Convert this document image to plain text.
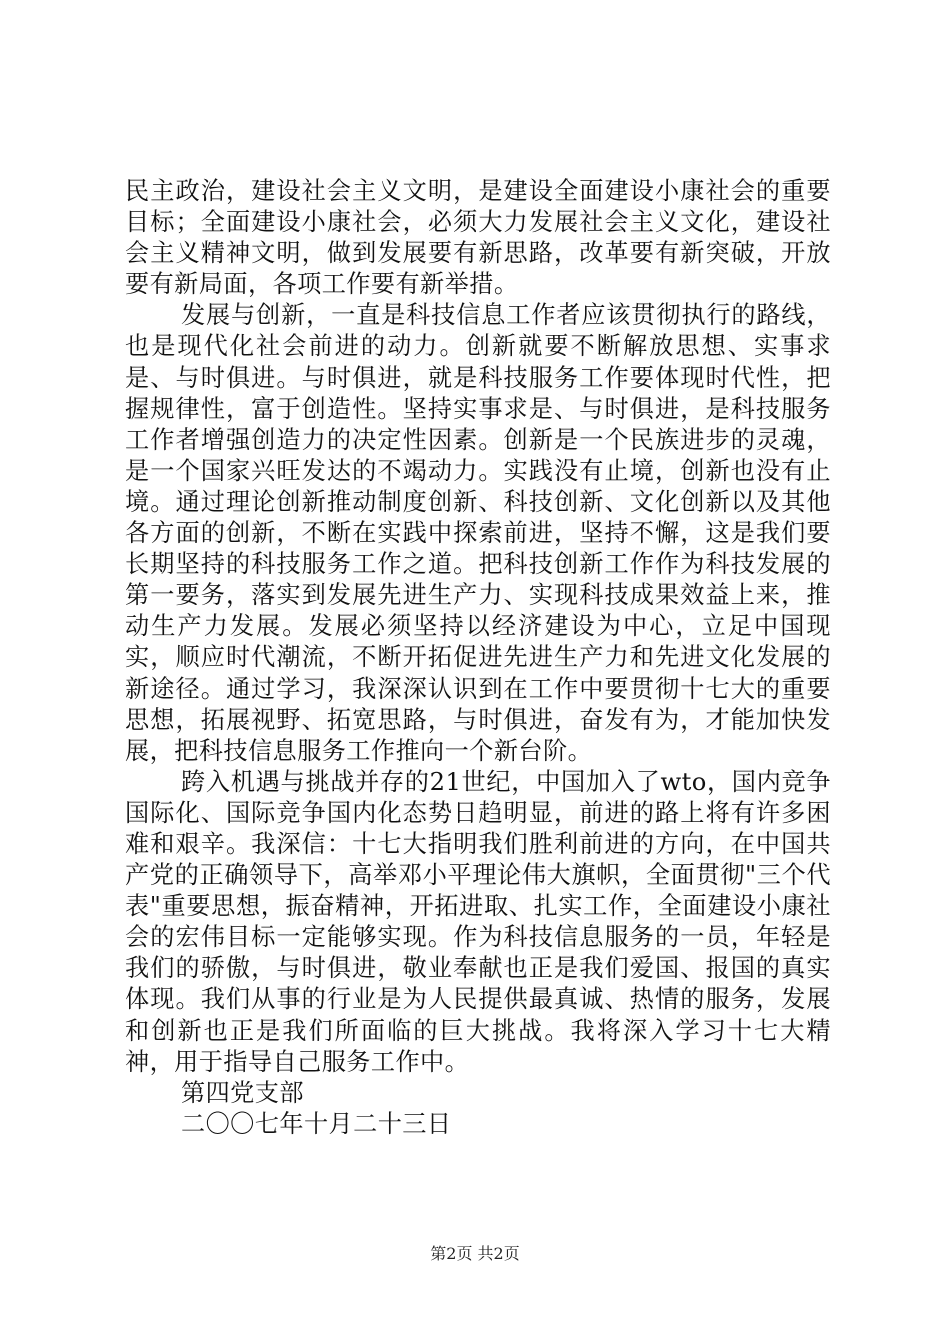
民主政治，建设社会主义文明，是建设全面建设小康社会的重要目标；全面建设小康社会，必须大力发展社会主义文化，建设社会主义精神文明，做到发展要有新思路，改革要有新突破，开放要有新局面，各项工作要有新举措。

发展与创新，一直是科技信息工作者应该贯彻执行的路线，也是现代化社会前进的动力。创新就要不断解放思想、实事求是、与时俱进。与时俱进，就是科技服务工作要体现时代性，把握规律性，富于创造性。坚持实事求是、与时俱进，是科技服务工作者增强创造力的决定性因素。创新是一个民族进步的灵魂，是一个国家兴旺发达的不竭动力。实践没有止境，创新也没有止境。通过理论创新推动制度创新、科技创新、文化创新以及其他各方面的创新，不断在实践中探索前进，坚持不懈，这是我们要长期坚持的科技服务工作之道。把科技创新工作作为科技发展的第一要务，落实到发展先进生产力、实现科技成果效益上来，推动生产力发展。发展必须坚持以经济建设为中心，立足中国现实，顺应时代潮流，不断开拓促进先进生产力和先进文化发展的新途径。通过学习，我深深认识到在工作中要贯彻十七大的重要思想，拓展视野、拓宽思路，与时俱进，奋发有为，才能加快发展，把科技信息服务工作推向一个新台阶。

跨入机遇与挑战并存的21世纪，中国加入了wto，国内竞争国际化、国际竞争国内化态势日趋明显，前进的路上将有许多困难和艰辛。我深信：十七大指明我们胜利前进的方向，在中国共产党的正确领导下，高举邓小平理论伟大旗帜，全面贯彻"三个代表"重要思想，振奋精神，开拓进取、扎实工作，全面建设小康社会的宏伟目标一定能够实现。作为科技信息服务的一员，年轻是我们的骄傲，与时俱进，敬业奉献也正是我们爱国、报国的真实体现。我们从事的行业是为人民提供最真诚、热情的服务，发展和创新也正是我们所面临的巨大挑战。我将深入学习十七大精神，用于指导自己服务工作中。

第四党支部

二〇〇七年十月二十三日

第2页 共2页
